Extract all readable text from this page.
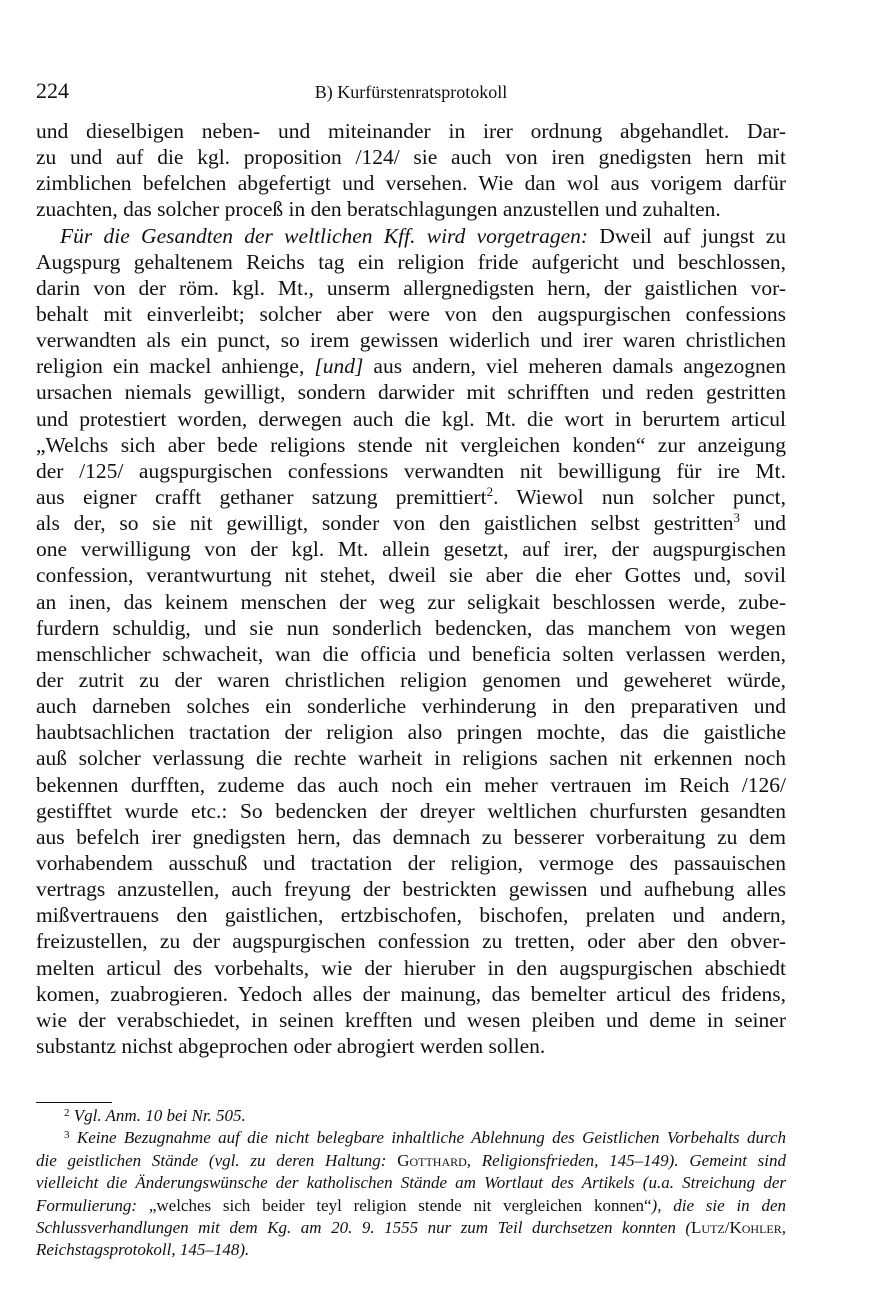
224	B) Kurfürstenratsprotokoll
und dieselbigen neben- und miteinander in irer ordnung abgehandlet. Dar-
zu und auf die kgl. proposition /124/ sie auch von iren gnedigsten hern mit
zimblichen befelchen abgefertigt und versehen. Wie dan wol aus vorigem darfür
zuachten, das solcher proceß in den beratschlagungen anzustellen und zuhalten.
Für die Gesandten der weltlichen Kff. wird vorgetragen: Dweil auf jungst zu
Augspurg gehaltenem Reichs tag ein religion fride aufgericht und beschlossen,
darin von der röm. kgl. Mt., unserm allergnedigsten hern, der gaistlichen vor-
behalt mit einverleibt; solcher aber were von den augspurgischen confessions
verwandten als ein punct, so irem gewissen widerlich und irer waren christlichen
religion ein mackel anhienge, [und] aus andern, viel meheren damals angezognen
ursachen niemals gewilligt, sondern darwider mit schrifften und reden gestritten
und protestiert worden, derwegen auch die kgl. Mt. die wort in berurtem articul
„Welchs sich aber bede religions stende nit vergleichen konden“ zur anzeigung
der /125/ augspurgischen confessions verwandten nit bewilligung für ire Mt.
aus eigner crafft gethaner satzung premittiert$^2$. Wiewol nun solcher punct,
als der, so sie nit gewilligt, sonder von den gaistlichen selbst gestritten$^3$ und
one verwilligung von der kgl. Mt. allein gesetzt, auf irer, der augspurgischen
confession, verantwurtung nit stehet, dweil sie aber die eher Gottes und, sovil
an inen, das keinem menschen der weg zur seligkait beschlossen werde, zube-
furdern schuldig, und sie nun sonderlich bedencken, das manchem von wegen
menschlicher schwacheit, wan die officia und beneficia solten verlassen werden,
der zutrit zu der waren christlichen religion genomen und geweheret würde,
auch darneben solches ein sonderliche verhinderung in den preparativen und
haubtsachlichen tractation der religion also pringen mochte, das die gaistliche
auß solcher verlassung die rechte warheit in religions sachen nit erkennen noch
bekennen durfften, zudeme das auch noch ein meher vertrauen im Reich /126/
gestifftet wurde etc.: So bedencken der dreyer weltlichen churfursten gesandten
aus befelch irer gnedigsten hern, das demnach zu besserer vorberaitung zu dem
vorhabendem ausschuß und tractation der religion, vermoge des passauischen
vertrags anzustellen, auch freyung der bestrickten gewissen und aufhebung alles
mißvertrauens den gaistlichen, ertzbischofen, bischofen, prelaten und andern,
freizustellen, zu der augspurgischen confession zu tretten, oder aber den obver-
melten articul des vorbehalts, wie der hieruber in den augspurgischen abschiedt
komen, zuabrogieren. Yedoch alles der mainung, das bemelter articul des fridens,
wie der verabschiedet, in seinen krefften und wesen pleiben und deme in seiner
substantz nichst abgeprochen oder abrogiert werden sollen.
$^2$ Vgl. Anm. 10 bei Nr. 505.
$^3$ Keine Bezugnahme auf die nicht belegbare inhaltliche Ablehnung des Geistlichen Vorbehalts durch
die geistlichen Stände (vgl. zu deren Haltung: Gotthard, Religionsfrieden, 145–149). Gemeint sind
vielleicht die Änderungswünsche der katholischen Stände am Wortlaut des Artikels (u.a. Streichung der
Formulierung: „welches sich beider teyl religion stende nit vergleichen konnen“), die sie in den
Schlussverhandlungen mit dem Kg. am 20. 9. 1555 nur zum Teil durchsetzen konnten (Lutz/Kohler,
Reichstagsprotokoll, 145–148).
